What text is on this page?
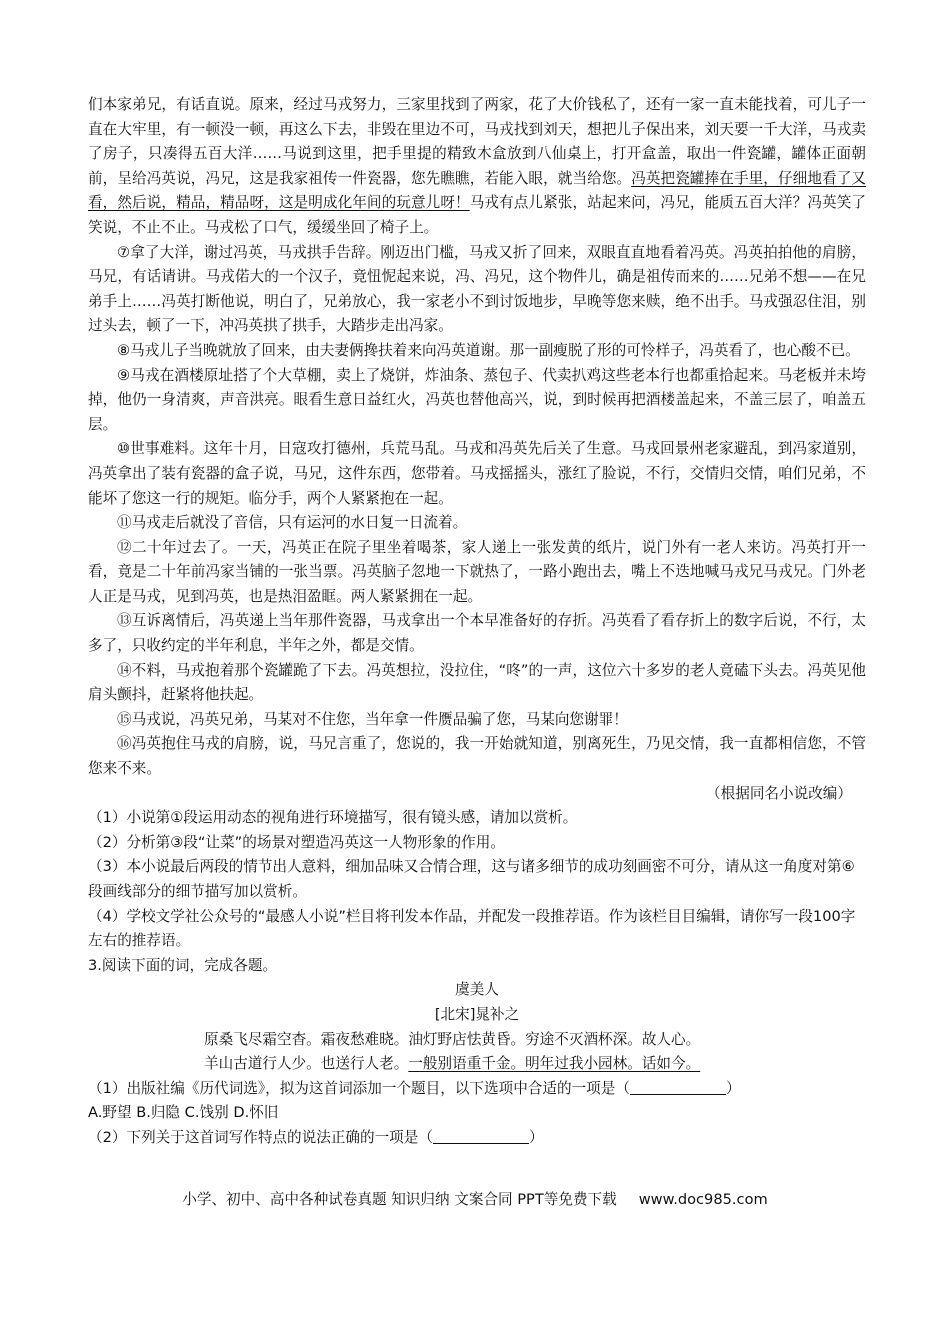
们本家弟兄，有话直说。原来，经过马戎努力，三家里找到了两家，花了大价钱私了，还有一家一直未能找着，可儿子一直在大牢里，有一顿没一顿，再这么下去，非毁在里边不可，马戎找到刘天，想把儿子保出来，刘天要一千大洋，马戎卖了房子，只凑得五百大洋……马说到这里，把手里提的精致木盒放到八仙桌上，打开盒盖，取出一件瓷罐，罐体正面朝前，呈给冯英说，冯兄，这是我家祖传一件瓷器，您先瞧瞧，若能入眼，就当给您。冯英把瓷罐捧在手里，仔细地看了又看，然后说，精品，精品呀，这是明成化年间的玩意儿呀！马戎有点儿紧张，站起来问，冯兄，能质五百大洋？冯英笑了笑说，不止不止。马戎松了口气，缓缓坐回了椅子上。

⑦拿了大洋，谢过冯英，马戎拱手告辞。刚迈出门槛，马戎又折了回来，双眼直直地看着冯英。冯英拍拍他的肩膀，马兄，有话请讲。马戎偌大的一个汉子，竟忸怩起来说，冯、冯兄，这个物件儿，确是祖传而来的……兄弟不想——在兄弟手上……冯英打断他说，明白了，兄弟放心，我一家老小不到讨饭地步，早晚等您来赎，绝不出手。马戎强忍住泪，别过头去，顿了一下，冲冯英拱了拱手，大踏步走出冯家。

⑧马戎儿子当晚就放了回来，由夫妻俩搀扶着来向冯英道谢。那一副瘦脱了形的可怜样子，冯英看了，也心酸不已。

⑨马戎在酒楼原址搭了个大草棚，卖上了烧饼，炸油条、蒸包子、代卖扒鸡这些老本行也都重拾起来。马老板并未垮掉，他仍一身清爽，声音洪亮。眼看生意日益红火，冯英也替他高兴，说，到时候再把酒楼盖起来，不盖三层了，咱盖五层。

⑩世事难料。这年十月，日寇攻打德州，兵荒马乱。马戎和冯英先后关了生意。马戎回景州老家避乱，到冯家道别，冯英拿出了装有瓷器的盒子说，马兄，这件东西，您带着。马戎摇摇头，涨红了脸说，不行，交情归交情，咱们兄弟，不能坏了您这一行的规矩。临分手，两个人紧紧抱在一起。

⑪马戎走后就没了音信，只有运河的水日复一日流着。

⑫二十年过去了。一天，冯英正在院子里坐着喝茶，家人递上一张发黄的纸片，说门外有一老人来访。冯英打开一看，竟是二十年前冯家当铺的一张当票。冯英脑子忽地一下就热了，一路小跑出去，嘴上不迭地喊马戎兄马戎兄。门外老人正是马戎，见到冯英，也是热泪盈眶。两人紧紧拥在一起。

⑬互诉离情后，冯英递上当年那件瓷器，马戎拿出一个本早准备好的存折。冯英看了看存折上的数字后说，不行，太多了，只收约定的半年利息，半年之外，都是交情。

⑭不料，马戎抱着那个瓷罐跪了下去。冯英想拉，没拉住，“咚”的一声，这位六十多岁的老人竟磕下头去。冯英见他肩头颤抖，赶紧将他扶起。

⑮马戎说，冯英兄弟，马某对不住您，当年拿一件赝品骗了您，马某向您谢罪！

⑯冯英抱住马戎的肩膀，说，马兄言重了，您说的，我一开始就知道，别离死生，乃见交情，我一直都相信您，不管您来不来。

（根据同名小说改编）

（1）小说第①段运用动态的视角进行环境描写，很有镜头感，请加以赏析。

（2）分析第③段“让菜”的场景对塑造冯英这一人物形象的作用。

（3）本小说最后两段的情节出人意料，细加品味又合情合理，这与诸多细节的成功刻画密不可分，请从这一角度对第⑥段画线部分的细节描写加以赏析。

（4）学校文学社公众号的“最感人小说”栏目将刊发本作品，并配发一段推荐语。作为该栏目目编辑，请你写一段100字左右的推荐语。

3.阅读下面的词，完成各题。

虞美人

[北宋]晁补之

原桑飞尽霜空杳。霜夜愁难晓。油灯野店怯黄昏。穷途不灭酒杯深。故人心。

羊山古道行人少。也送行人老。一般别语重千金。明年过我小园林。话如今。

（1）出版社编《历代词选》，拟为这首词添加一个题目，以下选项中合适的一项是（	）

A.野望 B.归隐 C.饯别 D.怀旧

（2）下列关于这首词写作特点的说法正确的一项是（	）

小学、初中、高中各种试卷真题 知识归纳 文案合同 PPT等免费下载 www.doc985.com
